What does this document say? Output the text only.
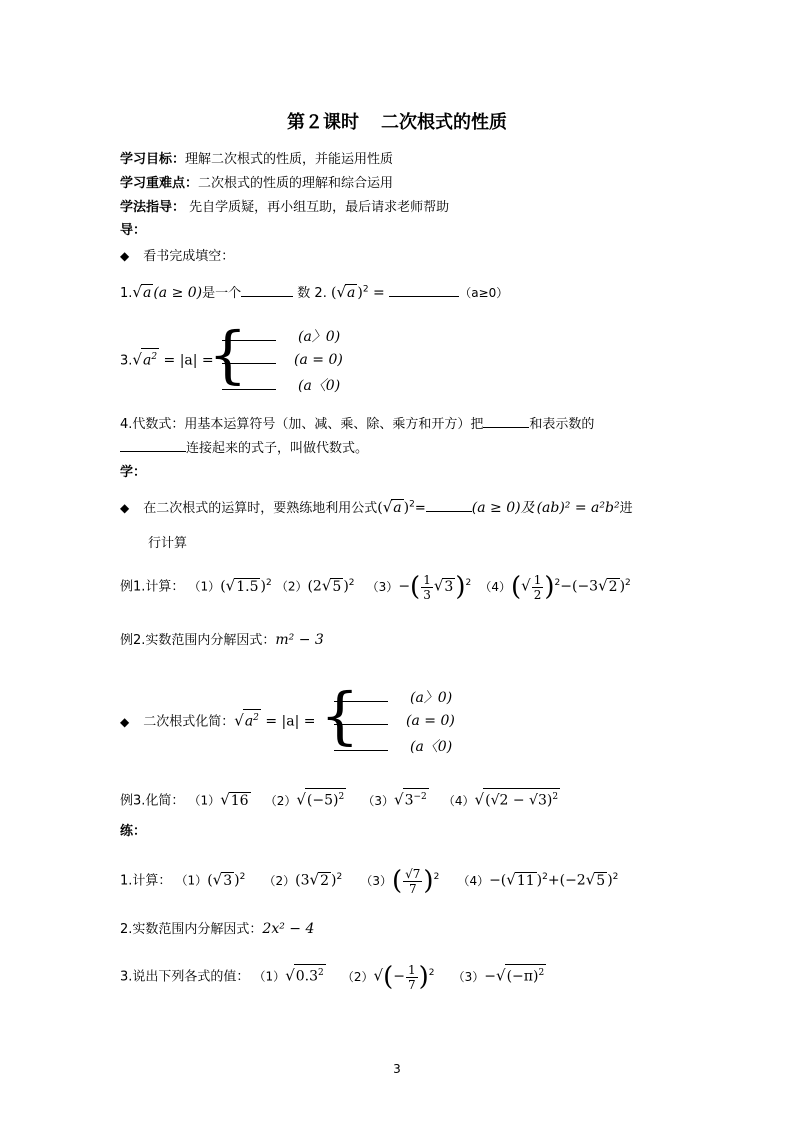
第２课时 二次根式的性质
学习目标：理解二次根式的性质，并能运用性质
学习重难点：二次根式的性质的理解和综合运用
学法指导： 先自学质疑，再小组互助，最后请求老师帮助
导：
◆ 看书完成填空：
1.√a (a ≥ 0)是一个	数 2. (√a )$^2$ =	（a≥0）
$3.√a^2 = |a|$ =
{	(a〉0)
(a = 0)
(a〈0)
4.代数式：用基本运算符号（加、减、乘、除、乘方和开方）把	和表示数的
连接起来的式子，叫做代数式。
学：
◆ 在二次根式的运算时，要熟练地利用公式(√a )$^2$=	(a ≥ 0)及 (ab)² = a²b²进
行计算
例1.计算： （1）(√1.5 )$^2$ （2）(2√5 )$^2$ $(3)-( \frac{1}{3} √3)^2$ $(4)(√ \frac{1}{2} )^2-(-3√2$ )$^2$
例2.实数范围内分解因式：m² − 3
◆ 二次根式化简：$√a^2 = |a|$ = {	(a〉0)
(a = 0)
(a〈0)
例3.化简： （1）√16 $(2)√(-5)^2$ $(3)√3^{-2}$ $(4)√(√2 - √3)^2$
练：
1.计算： （1）(√3 )$^2$ （2）(3√2 )$^2$ $(3)( \frac{√7}{7} )^2$ （4）−(√11 )$^2$+(−2√5 )$^2$
2.实数范围内分解因式：2x² − 4
3.说出下列各式的值： $(1)√0.3^2$ $(2)√(- \frac{1}{7} )^2$ $(3)-√(-\pi)^2$
3
